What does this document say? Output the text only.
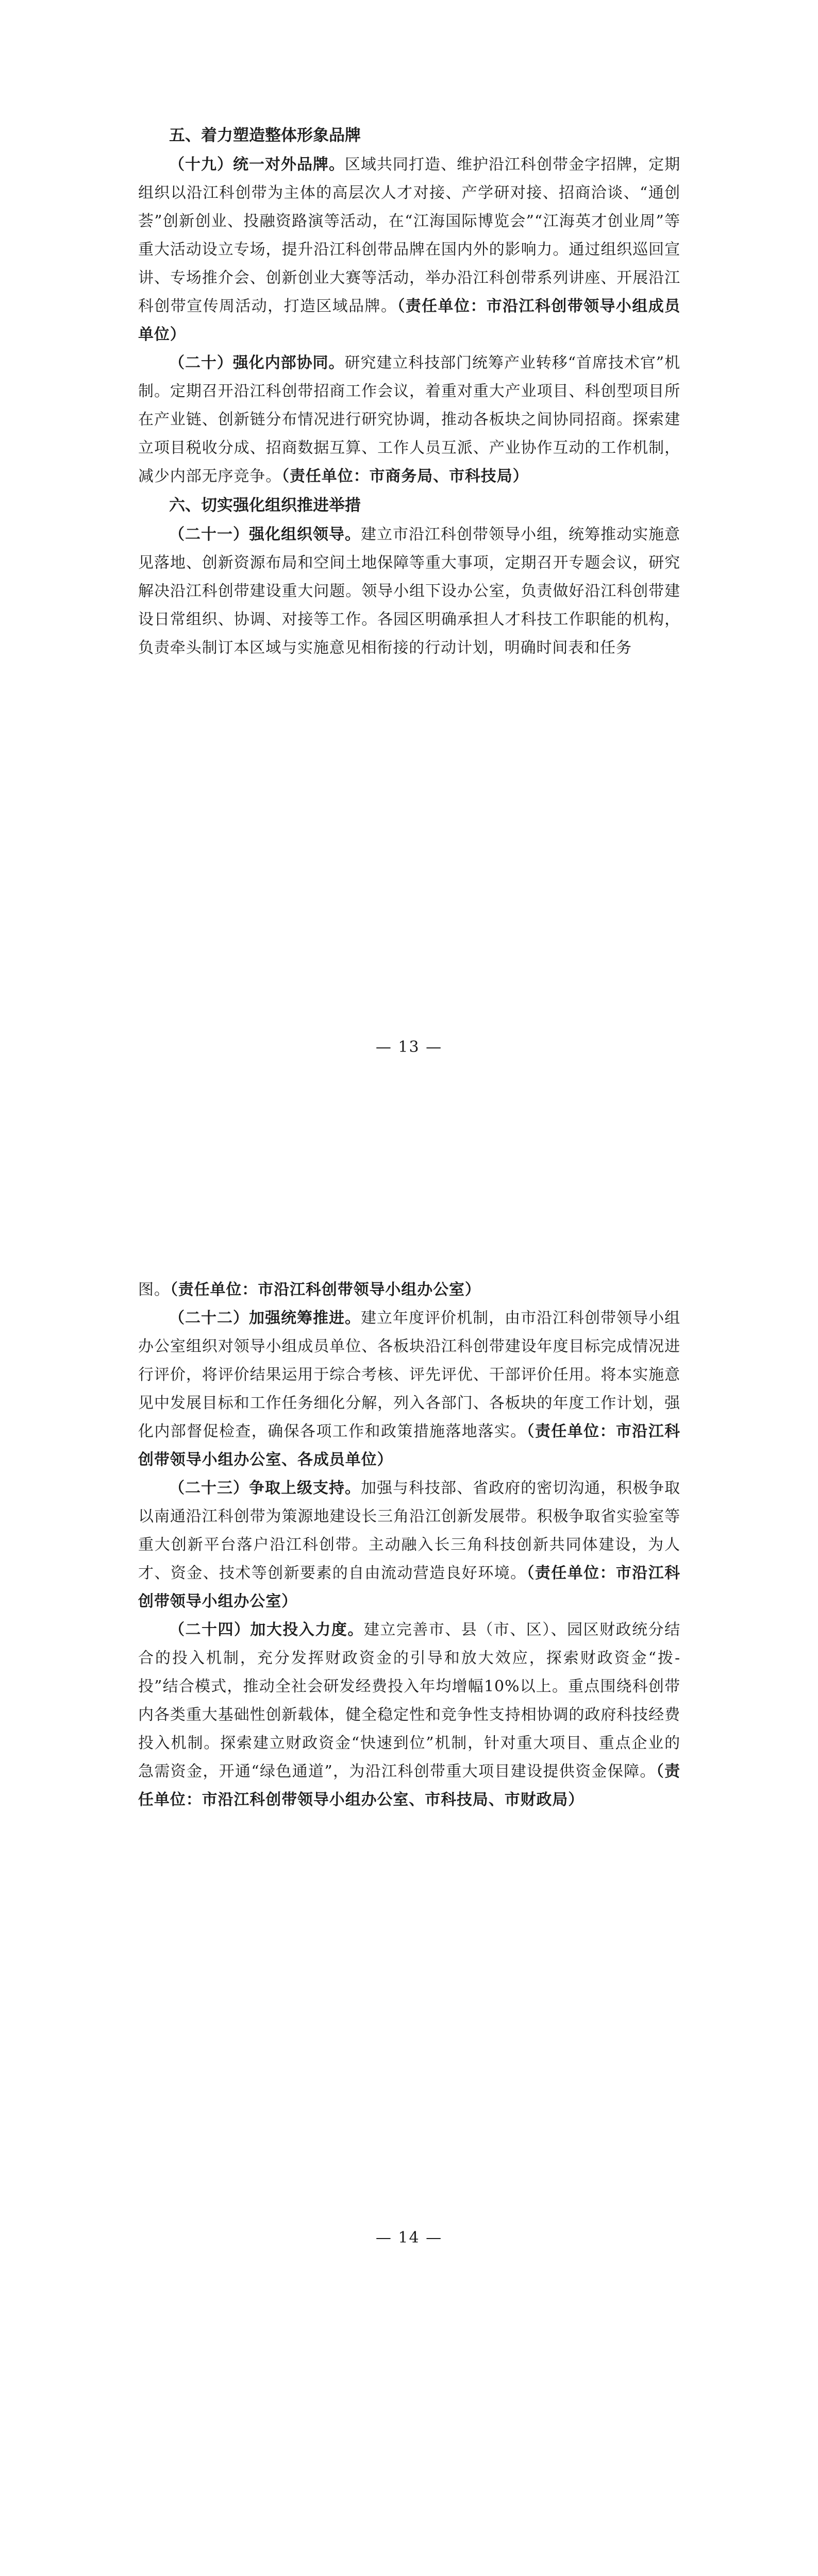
五、着力塑造整体形象品牌

（十九）统一对外品牌。区域共同打造、维护沿江科创带金字招牌，定期组织以沿江科创带为主体的高层次人才对接、产学研对接、招商洽谈、“通创荟”创新创业、投融资路演等活动，在“江海国际博览会”“江海英才创业周”等重大活动设立专场，提升沿江科创带品牌在国内外的影响力。通过组织巡回宣讲、专场推介会、创新创业大赛等活动，举办沿江科创带系列讲座、开展沿江科创带宣传周活动，打造区域品牌。（责任单位：市沿江科创带领导小组成员单位）

（二十）强化内部协同。研究建立科技部门统筹产业转移“首席技术官”机制。定期召开沿江科创带招商工作会议，着重对重大产业项目、科创型项目所在产业链、创新链分布情况进行研究协调，推动各板块之间协同招商。探索建立项目税收分成、招商数据互算、工作人员互派、产业协作互动的工作机制，减少内部无序竞争。（责任单位：市商务局、市科技局）

六、切实强化组织推进举措

（二十一）强化组织领导。建立市沿江科创带领导小组，统筹推动实施意见落地、创新资源布局和空间土地保障等重大事项，定期召开专题会议，研究解决沿江科创带建设重大问题。领导小组下设办公室，负责做好沿江科创带建设日常组织、协调、对接等工作。各园区明确承担人才科技工作职能的机构，负责牵头制订本区域与实施意见相衔接的行动计划，明确时间表和任务

— 13 —

图。（责任单位：市沿江科创带领导小组办公室）

（二十二）加强统筹推进。建立年度评价机制，由市沿江科创带领导小组办公室组织对领导小组成员单位、各板块沿江科创带建设年度目标完成情况进行评价，将评价结果运用于综合考核、评先评优、干部评价任用。将本实施意见中发展目标和工作任务细化分解，列入各部门、各板块的年度工作计划，强化内部督促检查，确保各项工作和政策措施落地落实。（责任单位：市沿江科创带领导小组办公室、各成员单位）

（二十三）争取上级支持。加强与科技部、省政府的密切沟通，积极争取以南通沿江科创带为策源地建设长三角沿江创新发展带。积极争取省实验室等重大创新平台落户沿江科创带。主动融入长三角科技创新共同体建设，为人才、资金、技术等创新要素的自由流动营造良好环境。（责任单位：市沿江科创带领导小组办公室）

（二十四）加大投入力度。建立完善市、县（市、区）、园区财政统分结合的投入机制，充分发挥财政资金的引导和放大效应，探索财政资金“拨-投”结合模式，推动全社会研发经费投入年均增幅10%以上。重点围绕科创带内各类重大基础性创新载体，健全稳定性和竞争性支持相协调的政府科技经费投入机制。探索建立财政资金“快速到位”机制，针对重大项目、重点企业的急需资金，开通“绿色通道”，为沿江科创带重大项目建设提供资金保障。（责任单位：市沿江科创带领导小组办公室、市科技局、市财政局）

— 14 —
